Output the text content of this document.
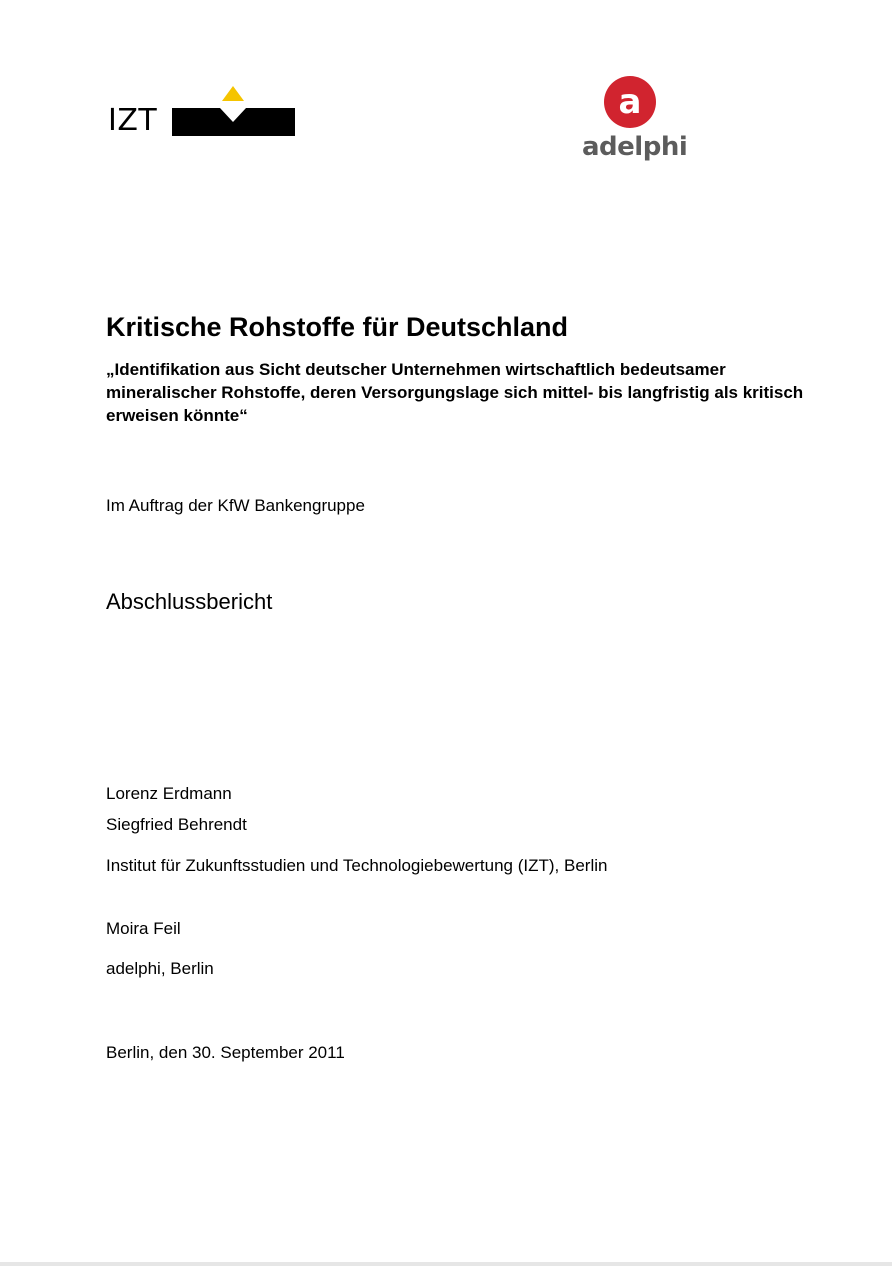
IZT	a
adelphi
Kritische Rohstoffe für Deutschland

„Identifikation aus Sicht deutscher Unternehmen wirtschaftlich bedeutsamer mineralischer Rohstoffe, deren Versorgungslage sich mittel- bis langfristig als kritisch erweisen könnte“

Im Auftrag der KfW Bankengruppe

Abschlussbericht

Lorenz Erdmann

Siegfried Behrendt

Institut für Zukunftsstudien und Technologiebewertung (IZT), Berlin

Moira Feil

adelphi, Berlin

Berlin, den 30. September 2011
